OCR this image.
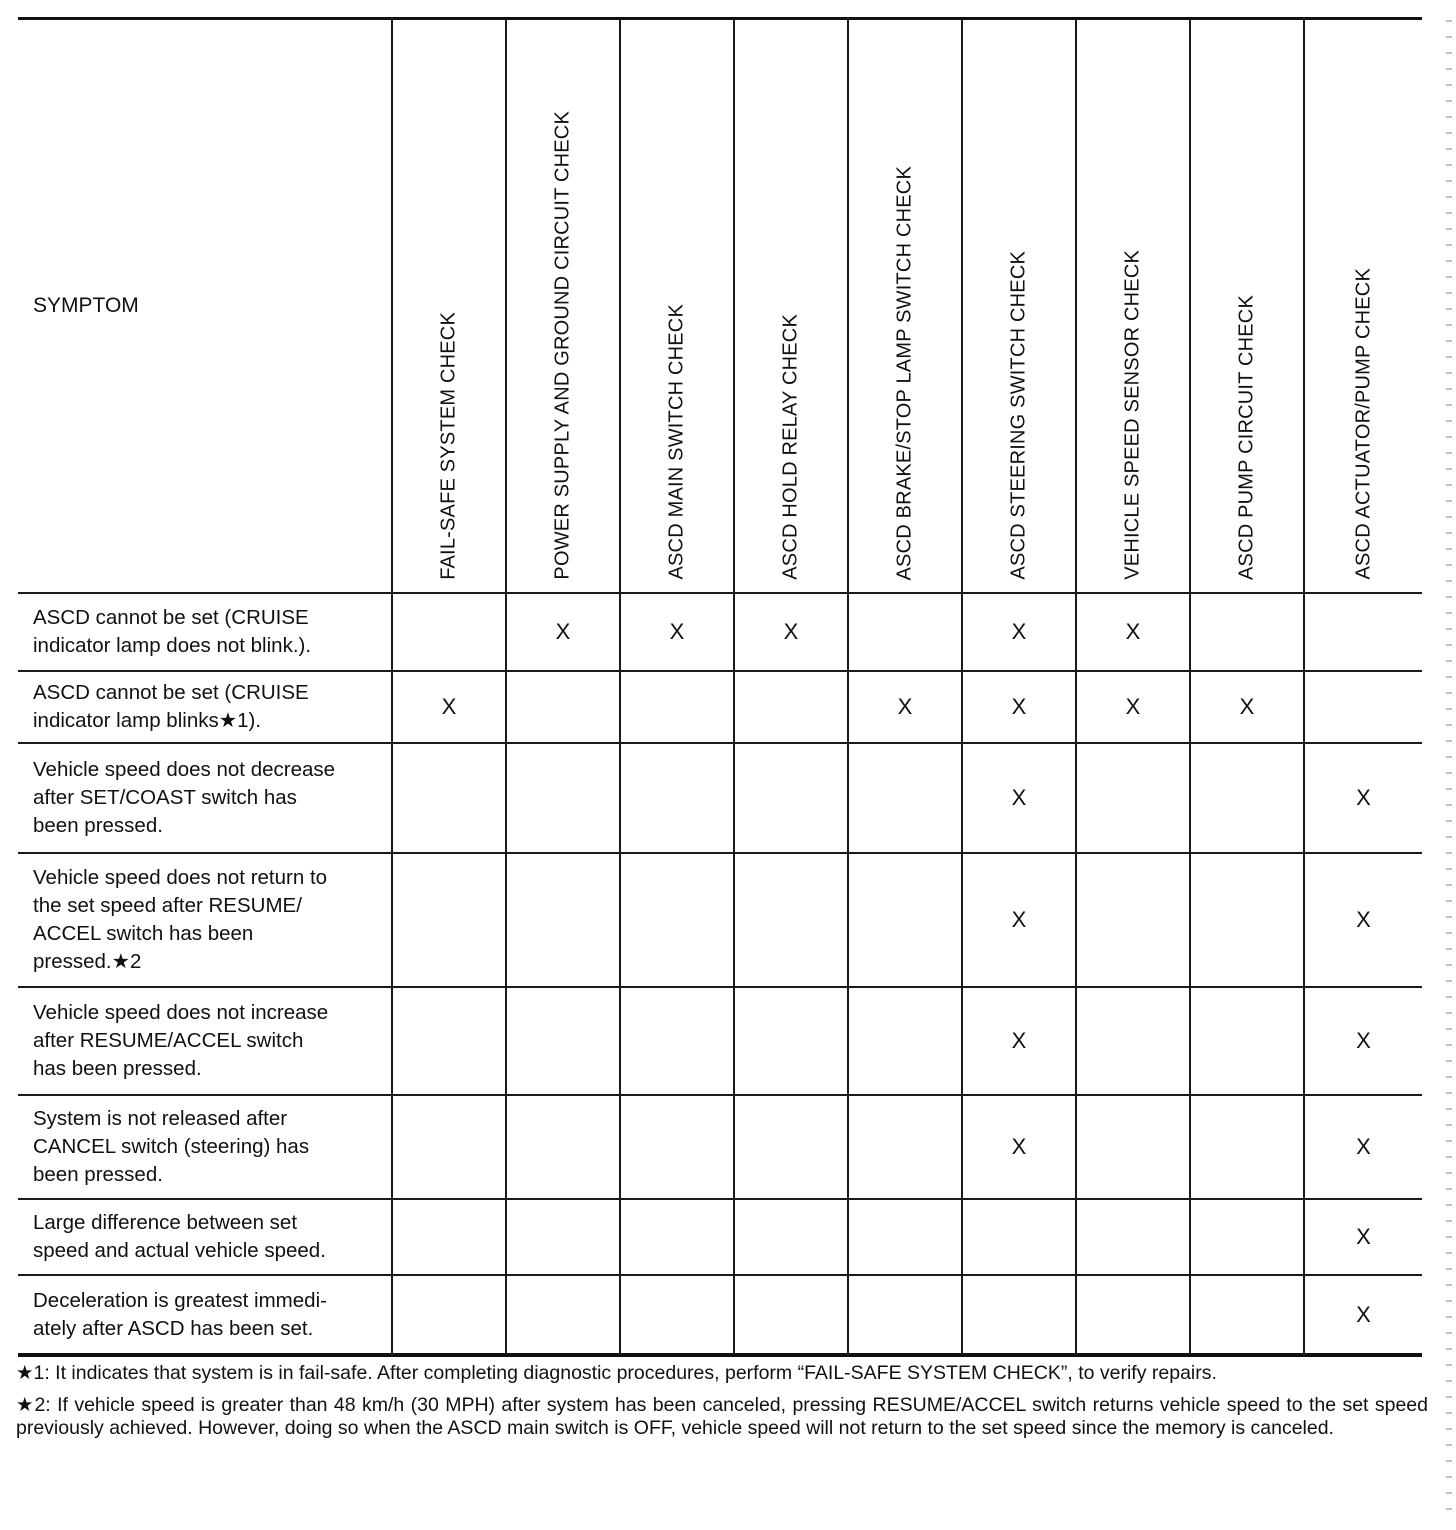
SYMPTOM	FAIL-SAFE SYSTEM CHECK	POWER SUPPLY AND GROUND CIRCUIT CHECK	ASCD MAIN SWITCH CHECK	ASCD HOLD RELAY CHECK	ASCD BRAKE/STOP LAMP SWITCH CHECK	ASCD STEERING SWITCH CHECK	VEHICLE SPEED SENSOR CHECK	ASCD PUMP CIRCUIT CHECK	ASCD ACTUATOR/PUMP CHECK

ASCD cannot be set (CRUISE
indicator lamp does not blink.).		X	X	X		X	X		

ASCD cannot be set (CRUISE
indicator lamp blinks★1).	X				X	X	X	X	

Vehicle speed does not decrease
after SET/COAST switch has
been pressed.						X			X

Vehicle speed does not return to
the set speed after RESUME/
ACCEL switch has been
pressed.★2						X			X

Vehicle speed does not increase
after RESUME/ACCEL switch
has been pressed.						X			X

System is not released after
CANCEL switch (steering) has
been pressed.						X			X

Large difference between set
speed and actual vehicle speed.									X

Deceleration is greatest immedi-
ately after ASCD has been set.									X

★1: It indicates that system is in fail-safe. After completing diagnostic procedures, perform “FAIL-SAFE SYSTEM CHECK”, to verify repairs.

★2: If vehicle speed is greater than 48 km/h (30 MPH) after system has been canceled, pressing RESUME/ACCEL switch returns vehicle speed to the set speed previously achieved. However, doing so when the ASCD main switch is OFF, vehicle speed will not return to the set speed since the memory is canceled.
